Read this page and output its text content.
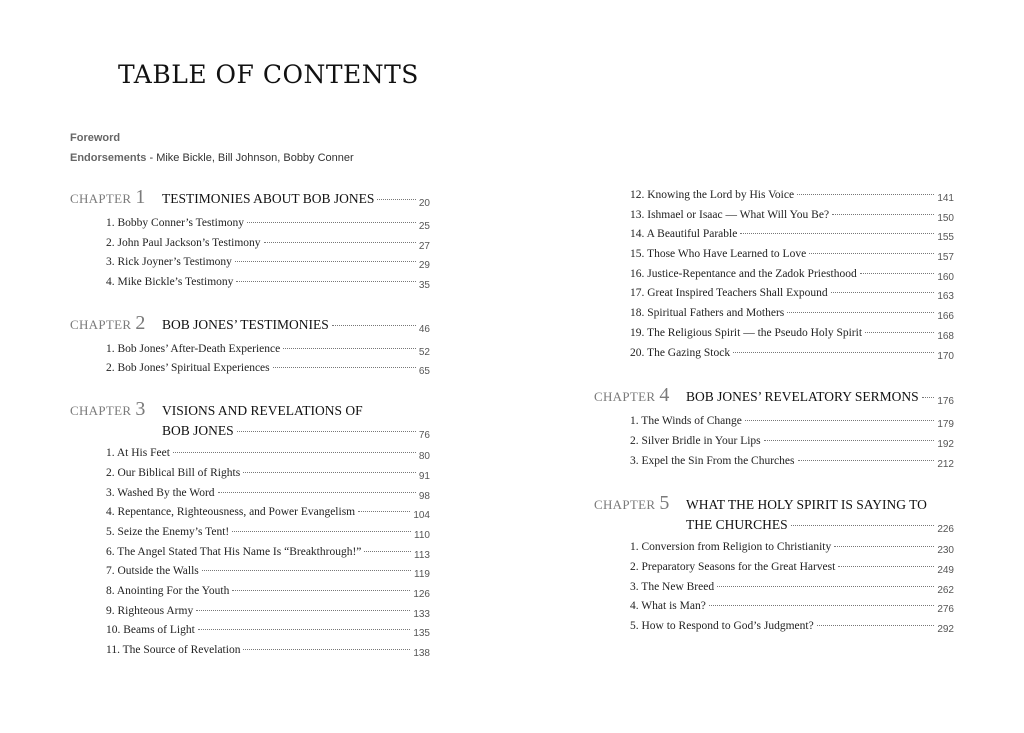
TABLE OF CONTENTS
Foreword
Endorsements - Mike Bickle, Bill Johnson, Bobby Conner
CHAPTER 1	TESTIMONIES ABOUT BOB JONES	20
1. Bobby Conner’s Testimony	25
2. John Paul Jackson’s Testimony	27
3. Rick Joyner’s Testimony	29
4. Mike Bickle’s Testimony	35
CHAPTER 2	BOB JONES’ TESTIMONIES	46
1. Bob Jones’ After-Death Experience	52
2. Bob Jones’ Spiritual Experiences	65
CHAPTER 3	VISIONS AND REVELATIONS OF
BOB JONES	76
1. At His Feet	80
2. Our Biblical Bill of Rights	91
3. Washed By the Word	98
4. Repentance, Righteousness, and Power Evangelism	104
5. Seize the Enemy’s Tent!	110
6. The Angel Stated That His Name Is “Breakthrough!”	113
7. Outside the Walls	119
8. Anointing For the Youth	126
9. Righteous Army	133
10. Beams of Light	135
11. The Source of Revelation	138
12. Knowing the Lord by His Voice	141
13. Ishmael or Isaac — What Will You Be?	150
14. A Beautiful Parable	155
15. Those Who Have Learned to Love	157
16. Justice-Repentance and the Zadok Priesthood	160
17. Great Inspired Teachers Shall Expound	163
18. Spiritual Fathers and Mothers	166
19. The Religious Spirit — the Pseudo Holy Spirit	168
20. The Gazing Stock	170
CHAPTER 4	BOB JONES’ REVELATORY SERMONS 176
1. The Winds of Change	179
2. Silver Bridle in Your Lips	192
3. Expel the Sin From the Churches	212
CHAPTER 5	WHAT THE HOLY SPIRIT IS SAYING TO
THE CHURCHES	226
1. Conversion from Religion to Christianity	230
2. Preparatory Seasons for the Great Harvest	249
3. The New Breed	262
4. What is Man?	276
5. How to Respond to God’s Judgment?	292
